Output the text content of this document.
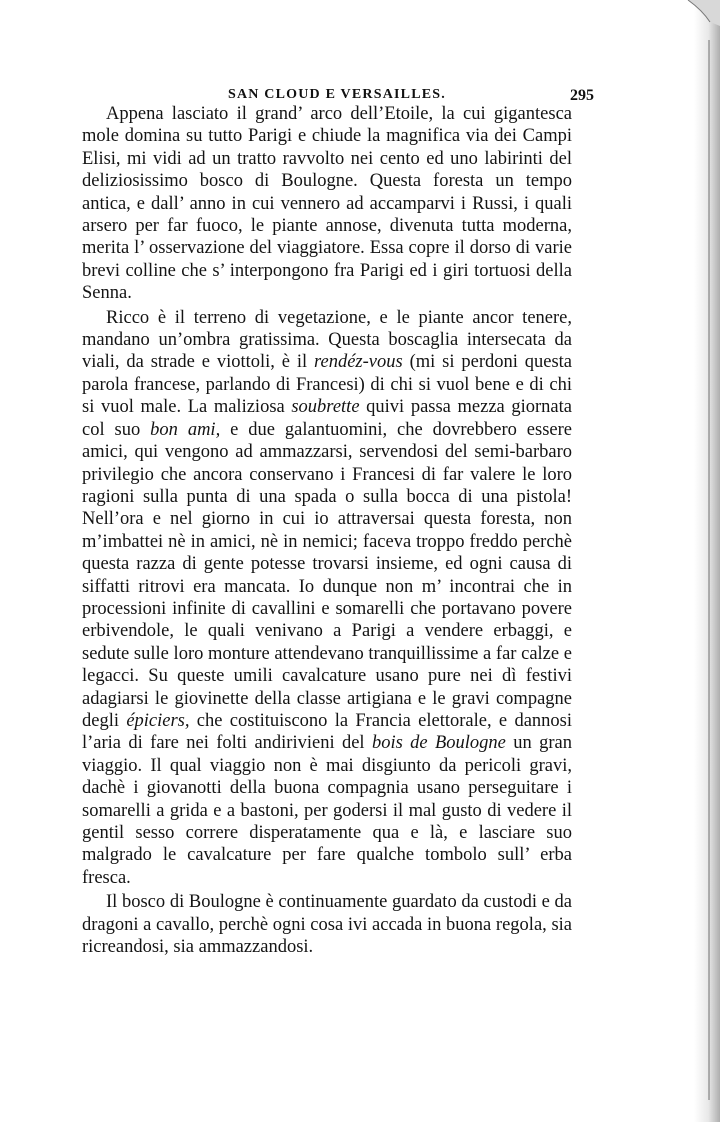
SAN CLOUD E VERSAILLES.	295

Appena lasciato il grand’ arco dell’Etoile, la cui gigantesca mole domina su tutto Parigi e chiude la magnifica via dei Campi Elisi, mi vidi ad un tratto ravvolto nei cento ed uno labirinti del deliziosissimo bosco di Boulogne. Questa foresta un tempo antica, e dall’ anno in cui vennero ad accamparvi i Russi, i quali arsero per far fuoco, le piante annose, divenuta tutta moderna, merita l’ osservazione del viaggiatore. Essa copre il dorso di varie brevi colline che s’ interpongono fra Parigi ed i giri tortuosi della Senna.

Ricco è il terreno di vegetazione, e le piante ancor tenere, mandano un’ombra gratissima. Questa boscaglia intersecata da viali, da strade e viottoli, è il rendéz-vous (mi si perdoni questa parola francese, parlando di Francesi) di chi si vuol bene e di chi si vuol male. La maliziosa soubrette quivi passa mezza giornata col suo bon ami, e due galantuomini, che dovrebbero essere amici, qui vengono ad ammazzarsi, servendosi del semi-barbaro privilegio che ancora conservano i Francesi di far valere le loro ragioni sulla punta di una spada o sulla bocca di una pistola! Nell’ora e nel giorno in cui io attraversai questa foresta, non m’imbattei nè in amici, nè in nemici; faceva troppo freddo perchè questa razza di gente potesse trovarsi insieme, ed ogni causa di siffatti ritrovi era mancata. Io dunque non m’ incontrai che in processioni infinite di cavallini e somarelli che portavano povere erbivendole, le quali venivano a Parigi a vendere erbaggi, e sedute sulle loro monture attendevano tranquillissime a far calze e legacci. Su queste umili cavalcature usano pure nei dì festivi adagiarsi le giovinette della classe artigiana e le gravi compagne degli épiciers, che costituiscono la Francia elettorale, e dannosi l’aria di fare nei folti andirivieni del bois de Boulogne un gran viaggio. Il qual viaggio non è mai disgiunto da pericoli gravi, dachè i giovanotti della buona compagnia usano perseguitare i somarelli a grida e a bastoni, per godersi il mal gusto di vedere il gentil sesso correre disperatamente qua e là, e lasciare suo malgrado le cavalcature per fare qualche tombolo sull’ erba fresca.

Il bosco di Boulogne è continuamente guardato da custodi e da dragoni a cavallo, perchè ogni cosa ivi accada in buona regola, sia ricreandosi, sia ammazzandosi.
